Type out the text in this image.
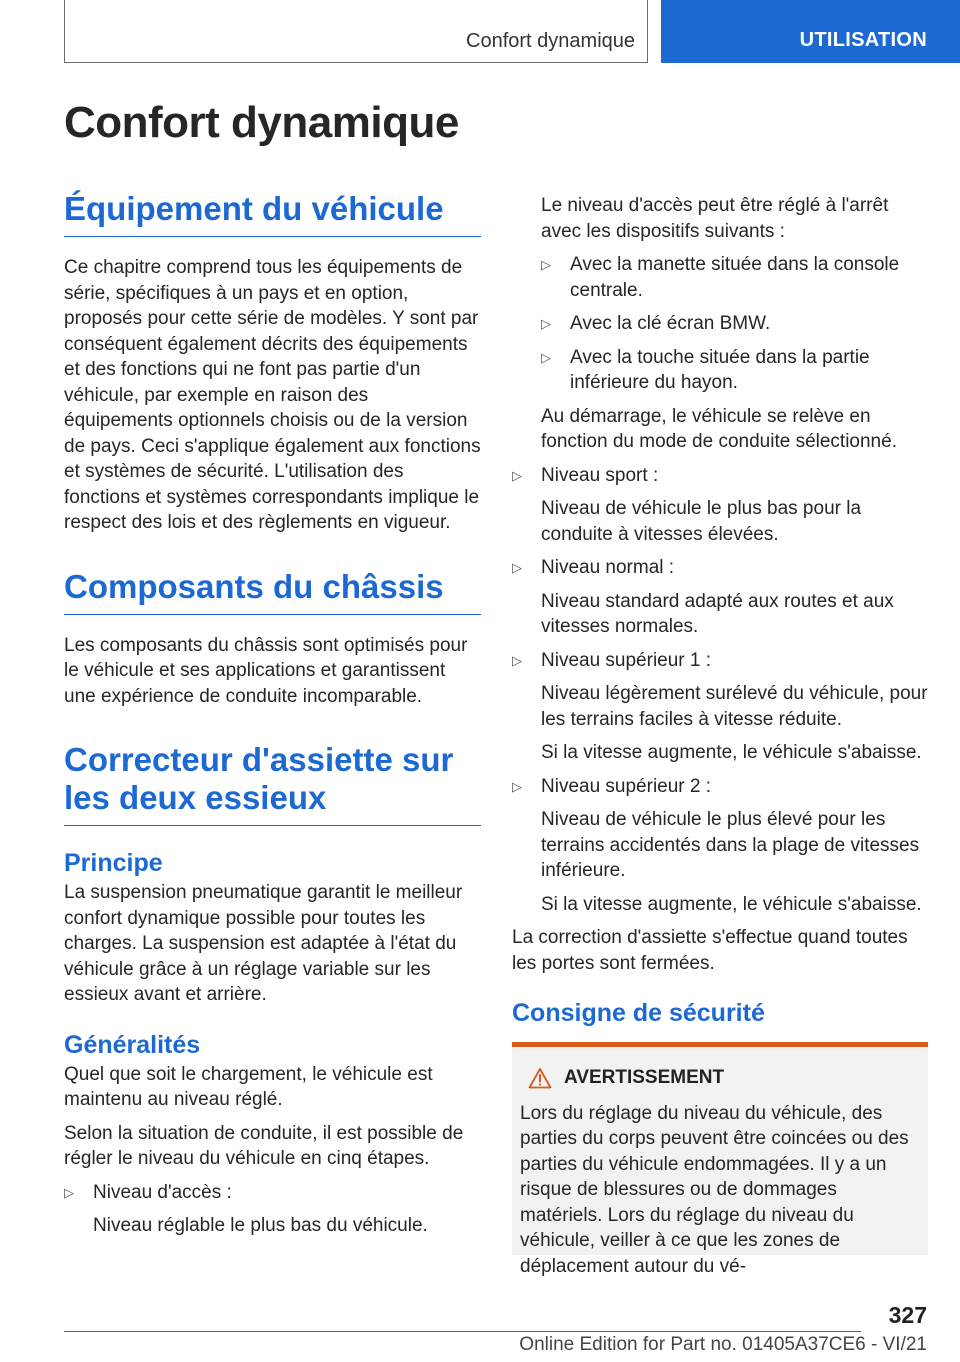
Confort dynamique	UTILISATION
Confort dynamique
Équipement du véhicule

Ce chapitre comprend tous les équipements de série, spécifiques à un pays et en option, proposés pour cette série de modèles. Y sont par conséquent également décrits des équipements et des fonctions qui ne font pas partie d'un véhicule, par exemple en raison des équipements optionnels choisis ou de la version de pays. Ceci s'applique également aux fonctions et systèmes de sécurité. L'utilisation des fonctions et systèmes correspondants implique le respect des lois et des règlements en vigueur.

Composants du châssis

Les composants du châssis sont optimisés pour le véhicule et ses applications et garantissent une expérience de conduite incomparable.

Correcteur d'assiette sur les deux essieux
Principe

La suspension pneumatique garantit le meilleur confort dynamique possible pour toutes les charges. La suspension est adaptée à l'état du véhicule grâce à un réglage variable sur les essieux avant et arrière.

Généralités

Quel que soit le chargement, le véhicule est maintenu au niveau réglé.

Selon la situation de conduite, il est possible de régler le niveau du véhicule en cinq étapes.

▷	Niveau d'accès :

Niveau réglable le plus bas du véhicule.

Le niveau d'accès peut être réglé à l'arrêt avec les dispositifs suivants :

▷	Avec la manette située dans la console centrale.
▷	Avec la clé écran BMW.
▷	Avec la touche située dans la partie inférieure du hayon.

Au démarrage, le véhicule se relève en fonction du mode de conduite sélectionné.

▷	Niveau sport :

Niveau de véhicule le plus bas pour la conduite à vitesses élevées.

▷	Niveau normal :

Niveau standard adapté aux routes et aux vitesses normales.

▷	Niveau supérieur 1 :

Niveau légèrement surélevé du véhicule, pour les terrains faciles à vitesse réduite.

Si la vitesse augmente, le véhicule s'abaisse.

▷	Niveau supérieur 2 :

Niveau de véhicule le plus élevé pour les terrains accidentés dans la plage de vitesses inférieure.

Si la vitesse augmente, le véhicule s'abaisse.

La correction d'assiette s'effectue quand toutes les portes sont fermées.

Consigne de sécurité
AVERTISSEMENT

Lors du réglage du niveau du véhicule, des parties du corps peuvent être coincées ou des parties du véhicule endommagées. Il y a un risque de blessures ou de dommages matériels. Lors du réglage du niveau du véhicule, veiller à ce que les zones de déplacement autour du vé-

327
Online Edition for Part no. 01405A37CE6 - VI/21
